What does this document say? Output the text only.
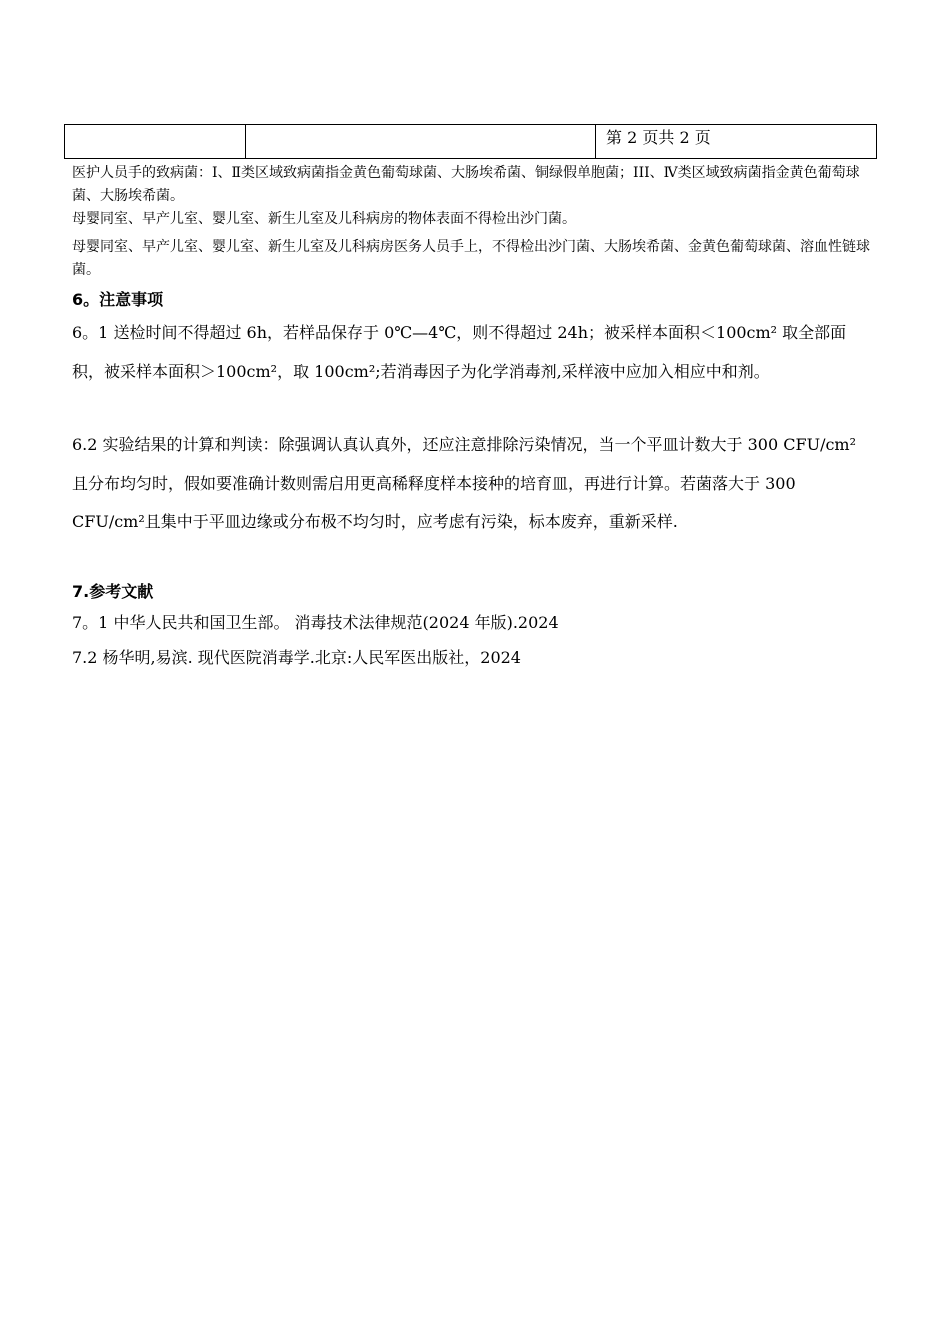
		第 2 页共 2 页
医护人员手的致病菌：Ⅰ、Ⅱ类区域致病菌指金黄色葡萄球菌、大肠埃希菌、铜绿假单胞菌；III、Ⅳ类区域致病菌指金黄色葡萄球菌、大肠埃希菌。
母婴同室、早产儿室、婴儿室、新生儿室及儿科病房的物体表面不得检出沙门菌。
母婴同室、早产儿室、婴儿室、新生儿室及儿科病房医务人员手上，不得检出沙门菌、大肠埃希菌、金黄色葡萄球菌、溶血性链球菌。
6。注意事项
6。1 送检时间不得超过 6h，若样品保存于 0℃—4℃，则不得超过 24h；被采样本面积＜100cm² 取全部面积，被采样本面积＞100cm²，取 100cm²;若消毒因子为化学消毒剂,采样液中应加入相应中和剂。
6.2 实验结果的计算和判读：除强调认真认真外，还应注意排除污染情况，当一个平皿计数大于 300 CFU/cm²且分布均匀时，假如要准确计数则需启用更高稀释度样本接种的培育皿，再进行计算。若菌落大于 300 CFU/cm²且集中于平皿边缘或分布极不均匀时，应考虑有污染，标本废弃，重新采样.
7.参考文献
7。1 中华人民共和国卫生部。 消毒技术法律规范(2024 年版).2024
7.2 杨华明,易滨. 现代医院消毒学.北京:人民军医出版社，2024
